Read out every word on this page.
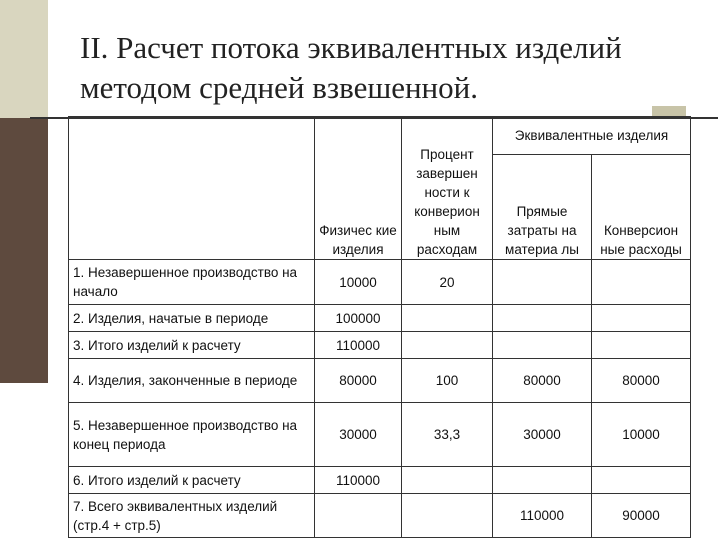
II. Расчет потока эквивалентных изделий
методом средней взвешенной.
	Физичес кие изделия	Процент завершен ности к конверион ным расходам	Эквивалентные изделия	
			Прямые затраты на материа лы	Конверсион ные расходы
1. Незавершенное производство на начало	10000	20		
2. Изделия, начатые в периоде	100000			
3. Итого изделий к расчету	110000			
4. Изделия, законченные в периоде	80000	100	80000	80000
5. Незавершенное производство на конец периода	30000	33,3	30000	10000
6. Итого изделий к расчету	110000			
7. Всего эквивалентных изделий (стр.4 + стр.5)			110000	90000
